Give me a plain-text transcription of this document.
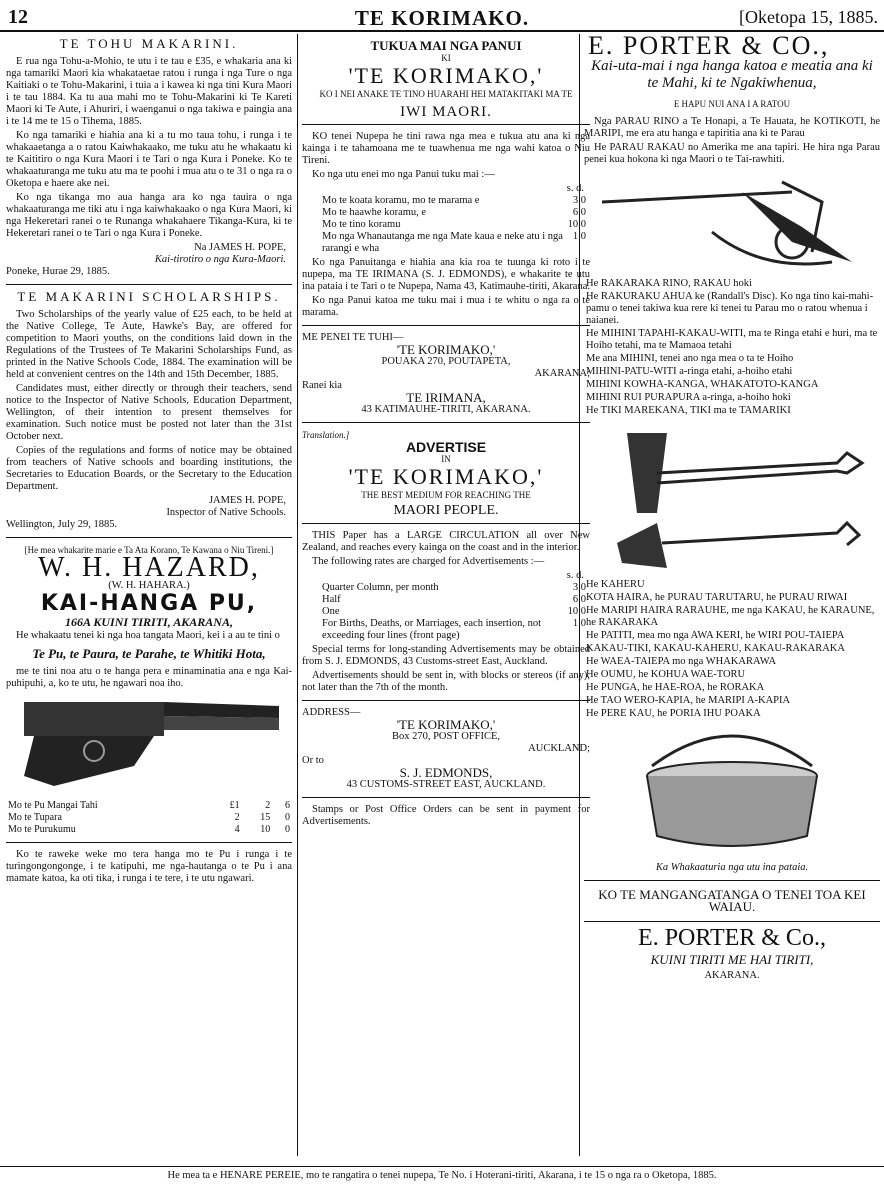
12	TE KORIMAKO.	[Oketopa 15, 1885.
TE TOHU MAKARINI.

E rua nga Tohu-a-Mohio, te utu i te tau e £35, e whakaria ana ki nga tamariki Maori kia whakataetae ratou i runga i nga Ture o nga Kaitiaki o te Tohu-Makarini, i tuia a i kawea ki nga tini Kura Maori i te tau 1884. Ka tu aua mahi mo te Tohu-Makarini ki Te Kareti Maori ki Te Aute, i Ahuriri, i waenganui o nga takiwa e paingia ana i te 14 me te 15 o Tihema, 1885.

Ko nga tamariki e hiahia ana ki a tu mo taua tohu, i runga i te whakaaetanga a o ratou Kaiwhakaako, me tuku atu he whakaatu ki te Kaititiro o nga Kura Maori i te Tari o nga Kura i Poneke. Ko te whakaaturanga me tuku atu ma te poohi i mua atu o te 31 o nga ra o Oketopa e haere ake nei.

Ko nga tikanga mo aua hanga ara ko nga tauira o nga whakaaturanga me tiki atu i nga kaiwhakaako o nga Kura Maori, ki nga Hekeretari ranei o te Runanga whakahaere Tikanga-Kura, ki te Hekeretari ranei o te Tari o nga Kura i Poneke.

Na JAMES H. POPE,
Kai-tirotiro o nga Kura-Maori.
Poneke, Hurae 29, 1885.
TE MAKARINI SCHOLARSHIPS.

Two Scholarships of the yearly value of £25 each, to be held at the Native College, Te Aute, Hawke's Bay, are offered for competition to Maori youths, on the conditions laid down in the Regulations of the Trustees of Te Makarini Scholarships Fund, as printed in the Native Schools Code, 1884. The examination will be held at convenient centres on the 14th and 15th December, 1885.

Candidates must, either directly or through their teachers, send notice to the Inspector of Native Schools, Education Department, Wellington, of their intention to present themselves for examination. Such notice must be posted not later than the 31st October next.

Copies of the regulations and forms of notice may be obtained from teachers of Native schools and boarding institutions, the Secretaries to Education Boards, or the Secretary to the Education Department.

JAMES H. POPE,
Inspector of Native Schools.
Wellington, July 29, 1885.
[He mea whakarite marie e Ta Ata Korano, Te Kawana o Niu Tireni.]
W. H. HAZARD,
(W. H. HAHARA.)
KAI-HANGA PU,
166A KUINI TIRITI, AKARANA,

He whakaatu tenei ki nga hoa tangata Maori, kei i a au te tini o

Te Pu, te Paura, te Parahe, te Whitiki Hota,

me te tini noa atu o te hanga pera e minaminatia ana e nga Kai-puhipuhi, a, ko te utu, he ngawari noa iho.

Mo te Pu Mangai Tahi	£1	2	6
Mo te Tupara	2	15	0
Mo te Purukumu	4	10	0

Ko te raweke weke mo tera hanga mo te Pu i runga i te turingongongonge, i te katipuhi, me nga-hautanga o te Pu i ana mamate katoa, ka oti tika, i runga i te tere, i te utu ngawari.

TUKUA MAI NGA PANUI
KI
'TE KORIMAKO,'
KO I NEI ANAKE TE TINO HUARAHI HEI MATAKITAKI MA TE
IWI MAORI.

KO tenei Nupepa he tini rawa nga mea e tukua atu ana ki nga kainga i te tahamoana me te tuawhenua me nga wahi katoa o Niu Tireni.

Ko nga utu enei mo nga Panui tuku mai :—

s. d.
Mo te koata koramu, mo te marama e	3 0
Mo te haawhe koramu, e	6 0
Mo te tino koramu	10 0
Mo nga Whanautanga me nga Mate kaua e neke atu i nga rarangi e wha
1 0

Ko nga Panuitanga e hiahia ana kia roa te tuunga ki roto i te nupepa, ma TE IRIMANA (S. J. EDMONDS), e whakarite te utu ina pataia i te Tari o te Nupepa, Nama 43, Katimauhe-tiriti, Akarana.

Ko nga Panui katoa me tuku mai i mua i te whitu o nga ra o te marama.

ME PENEI TE TUHI—
'TE KORIMAKO,'
POUAKA 270, POUTAPETA,
AKARANA;
Ranei kia
TE IRIMANA,
43 KATIMAUHE-TIRITI, AKARANA.
Translation.]
ADVERTISE
IN
'TE KORIMAKO,'
THE BEST MEDIUM FOR REACHING THE
MAORI PEOPLE.

THIS Paper has a LARGE CIRCULATION all over New Zealand, and reaches every kainga on the coast and in the interior.

The following rates are charged for Advertisements :—

s. d.
Quarter Column, per month	3 0
Half	6 0
One	10 0
For Births, Deaths, or Marriages, each insertion, not exceeding four lines (front page)
1 0

Special terms for long-standing Advertisements may be obtained from S. J. EDMONDS, 43 Customs-street East, Auckland.

Advertisements should be sent in, with blocks or stereos (if any), not later than the 7th of the month.

ADDRESS—
'TE KORIMAKO,'
Box 270, POST OFFICE,
AUCKLAND;
Or to
S. J. EDMONDS,
43 CUSTOMS-STREET EAST, AUCKLAND.

Stamps or Post Office Orders can be sent in payment for Advertisements.

E. PORTER & CO.,
Kai-uta-mai i nga hanga katoa e meatia ana ki te Mahi, ki te Ngakiwhenua,
E HAPU NUI ANA I A RATOU

Nga PARAU RINO a Te Honapi, a Te Hauata, he KOTIKOTI, he MARIPI, me era atu hanga e tapiritia ana ki te Parau

He PARAU RAKAU no Amerika me ana tapiri. He hira nga Parau penei kua hokona ki nga Maori o te Tai-rawhiti.

He RAKARAKA RINO, RAKAU hoki
He RAKURAKU AHUA ke (Randall's Disc). Ko nga tino kai-mahi-pamu o tenei takiwa kua rere ki tenei tu Parau mo o ratou whenua i naianei.
He MIHINI TAPAHI-KAKAU-WITI, ma te Ringa etahi e huri, ma te Hoiho tetahi, ma te Mamaoa tetahi
Me ana MIHINI, tenei ano nga mea o ta te Hoiho
MIHINI-PATU-WITI a-ringa etahi, a-hoiho etahi
MIHINI KOWHA-KANGA, WHAKATOTO-KANGA
MIHINI RUI PURAPURA a-ringa, a-hoiho hoki
He TIKI MAREKANA, TIKI ma te TAMARIKI
He KAHERU
KOTA HAIRA, he PURAU TARUTARU, he PURAU RIWAI
He MARIPI HAIRA RARAUHE, me nga KAKAU, he KARAUNE, he RAKARAKA
He PATITI, mea mo nga AWA KERI, he WIRI POU-TAIEPA
KAKAU-TIKI, KAKAU-KAHERU, KAKAU-RAKARAKA
He WAEA-TAIEPA mo nga WHAKARAWA
He OUMU, he KOHUA WAE-TORU
He PUNGA, he HAE-ROA, he RORAKA
He TAO WERO-KAPIA, he MARIPI A-KAPIA
He PERE KAU, he PORIA IHU POAKA
Ka Whakaaturia nga utu ina pataia.
KO TE MANGANGATANGA O TENEI TOA KEI WAIAU.
E. PORTER & Co.,
KUINI TIRITI ME HAI TIRITI,
AKARANA.
He mea ta e HENARE PEREIE, mo te rangatira o tenei nupepa, Te No. i Hoterani-tiriti, Akarana, i te 15 o nga ra o Oketopa, 1885.
